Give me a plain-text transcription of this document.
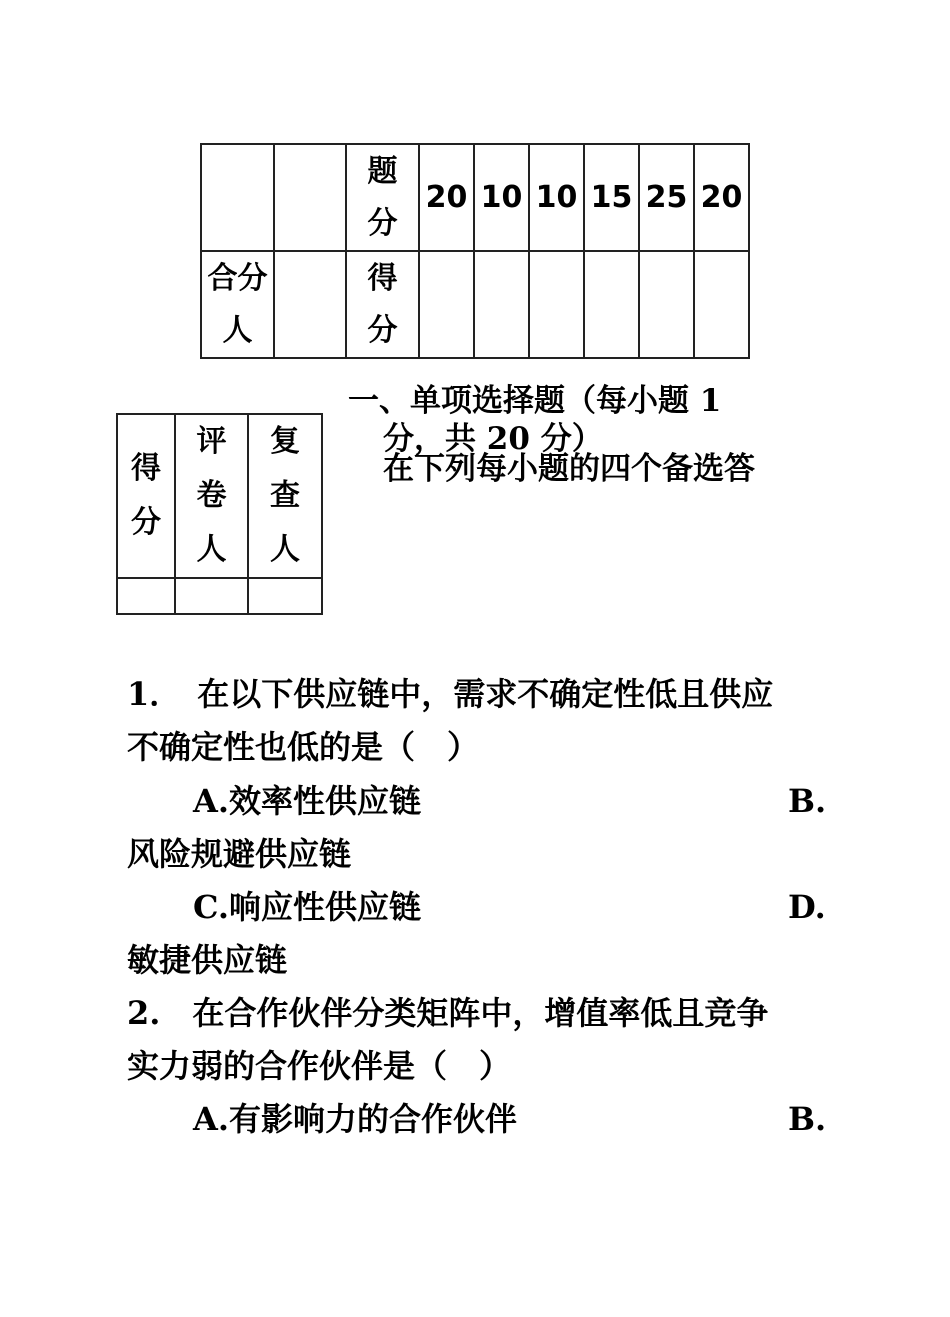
		题分	20	10	10	15	25	20

合分人		得分						

得分	评卷人	复查人

一、单项选择题（每小题 1
分，共 20 分）
在下列每小题的四个备选答
1．　在以下供应链中，需求不确定性低且供应
不确定性也低的是（　）
A.效率性供应链	B.
风险规避供应链
C.响应性供应链	D.
敏捷供应链
2.　在合作伙伴分类矩阵中，增值率低且竞争
实力弱的合作伙伴是（　）
A.有影响力的合作伙伴	B.
